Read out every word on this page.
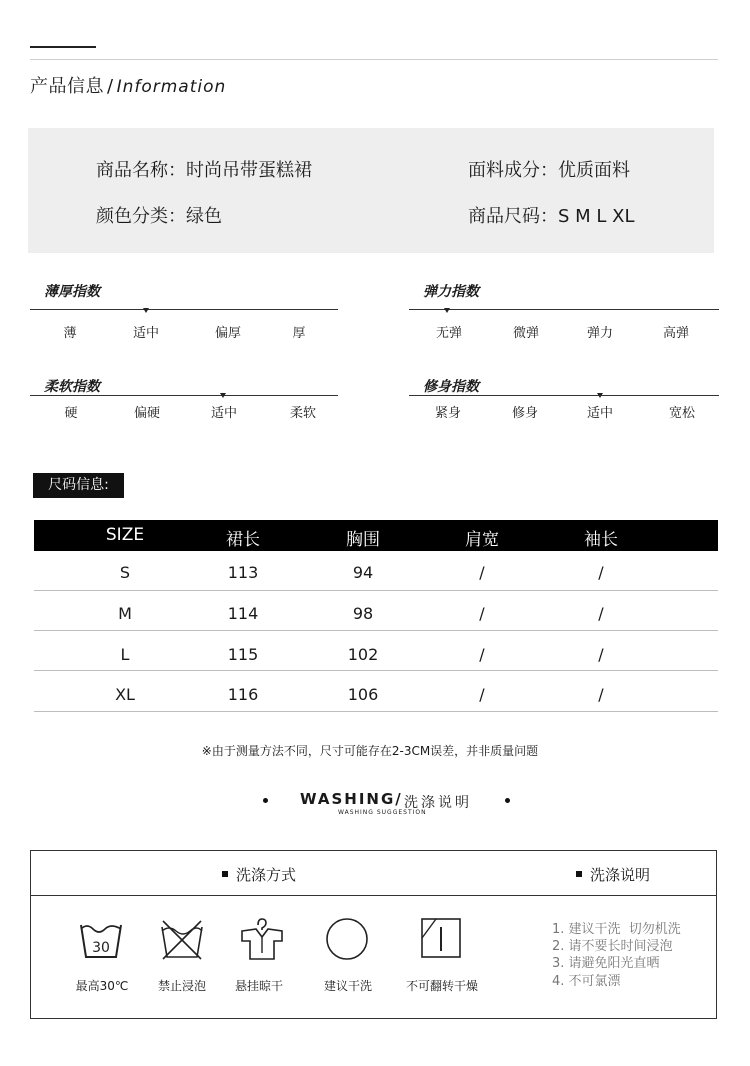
产品信息 / Information
商品名称：时尚吊带蛋糕裙	面料成分：优质面料
颜色分类：绿色	商品尺码：S M L XL
薄厚指数
薄	适中	偏厚	厚
弹力指数
无弹	微弹	弹力	高弹
柔软指数
硬	偏硬	适中	柔软
修身指数
紧身	修身	适中	宽松
尺码信息:
SIZE	裙长	胸围	肩宽	袖长
S	113	94	/	/
M	114	98	/	/
L	115	102	/	/
XL	116	106	/	/
※由于测量方法不同，尺寸可能存在2-3CM误差，并非质量问题
WASHING/ 洗涤说明
WASHING SUGGESTION
洗涤方式	洗涤说明
30
最高30℃	禁止浸泡	悬挂晾干	建议干洗	不可翻转干燥
1. 建议干洗  切勿机洗
2. 请不要长时间浸泡
3. 请避免阳光直晒
4. 不可氯漂
